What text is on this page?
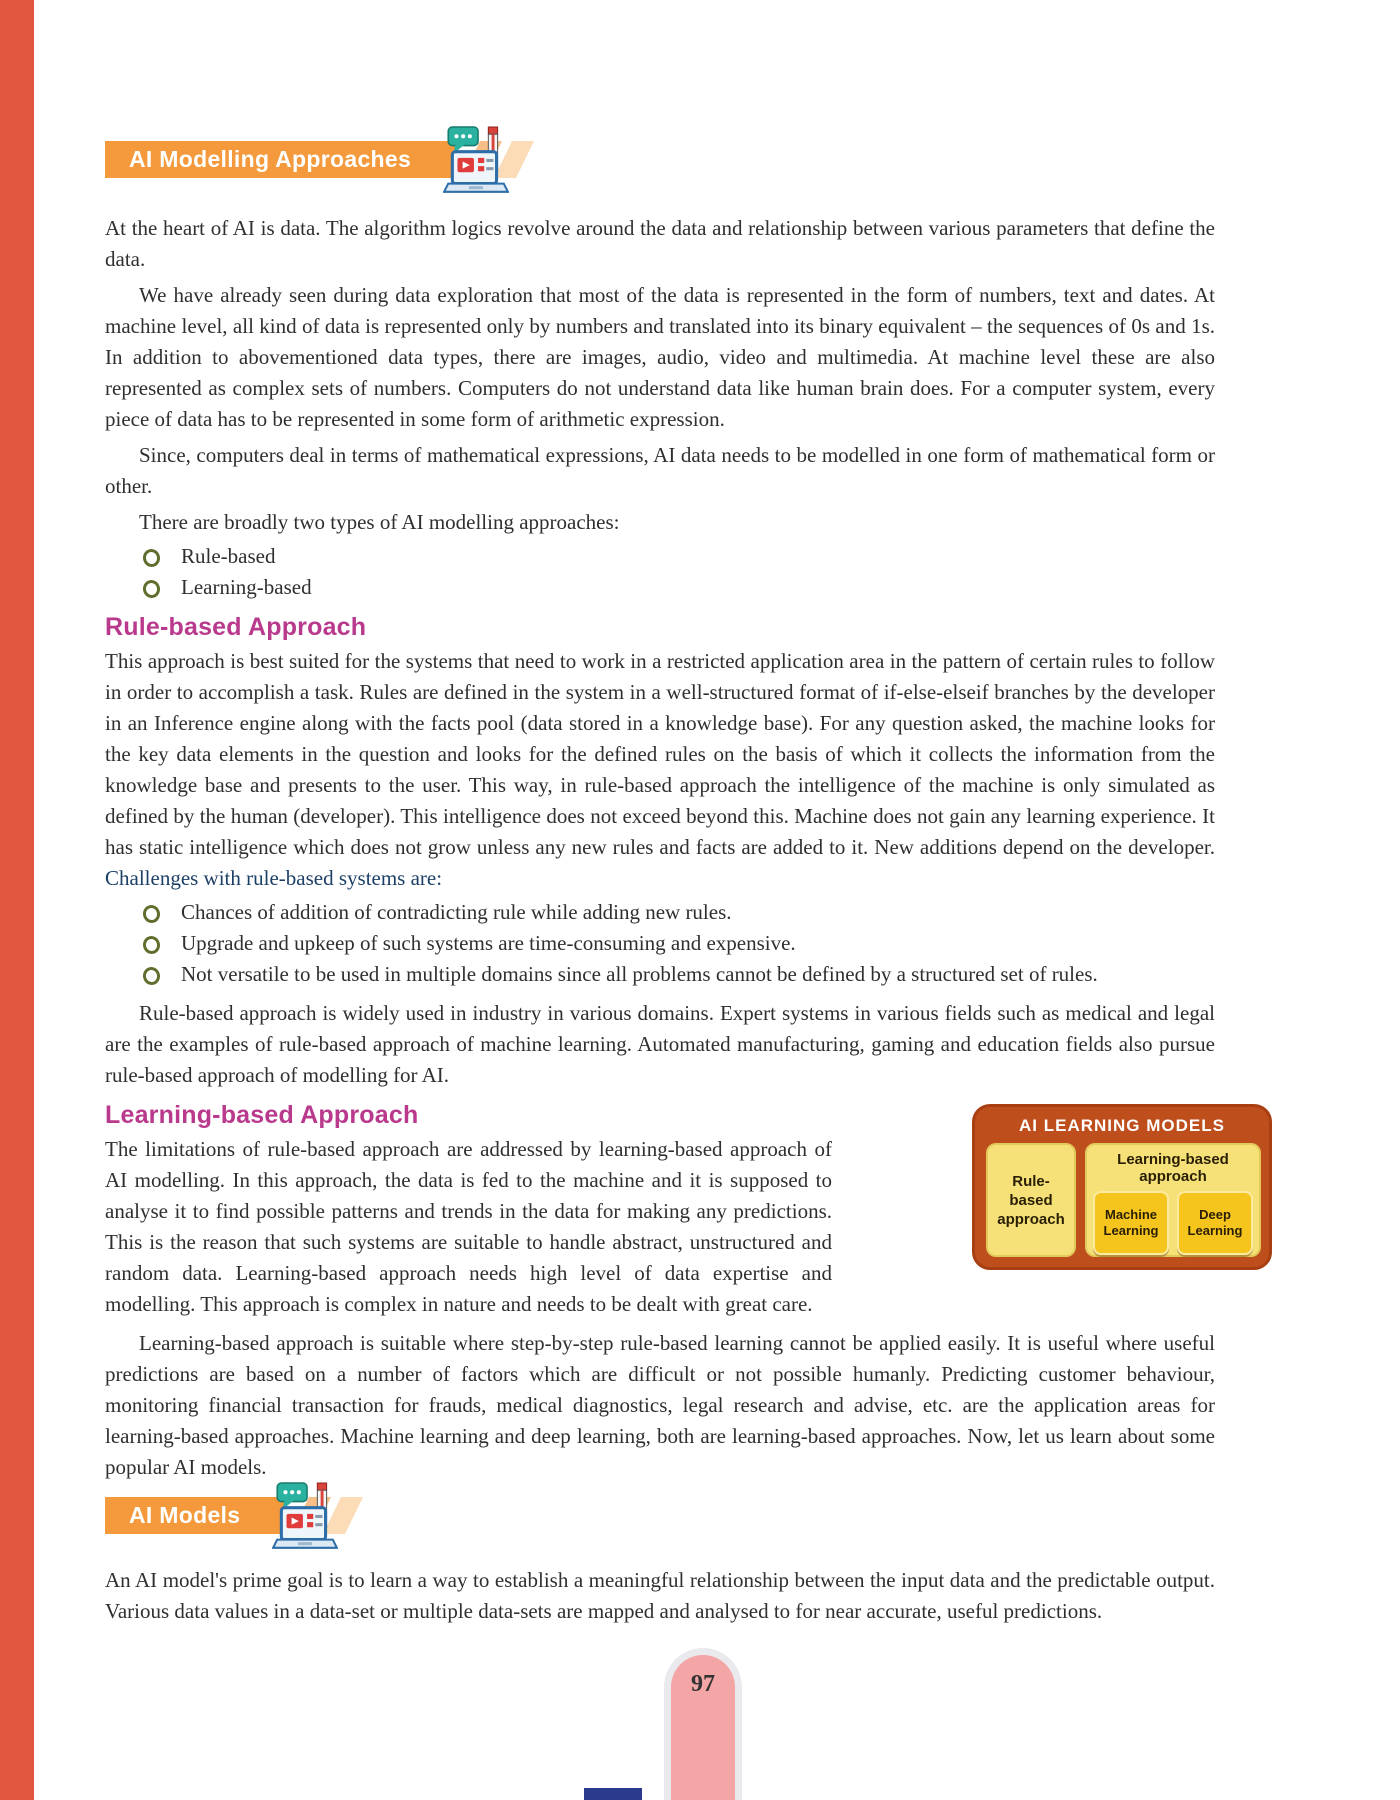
AI Modelling Approaches

At the heart of AI is data. The algorithm logics revolve around the data and relationship between various parameters that define the data.

We have already seen during data exploration that most of the data is represented in the form of numbers, text and dates. At machine level, all kind of data is represented only by numbers and translated into its binary equivalent – the sequences of 0s and 1s. In addition to abovementioned data types, there are images, audio, video and multimedia. At machine level these are also represented as complex sets of numbers. Computers do not understand data like human brain does. For a computer system, every piece of data has to be represented in some form of arithmetic expression.

Since, computers deal in terms of mathematical expressions, AI data needs to be modelled in one form of mathematical form or other.

There are broadly two types of AI modelling approaches:

Rule-based
Learning-based
Rule-based Approach

This approach is best suited for the systems that need to work in a restricted application area in the pattern of certain rules to follow in order to accomplish a task. Rules are defined in the system in a well-structured format of if-else-elseif branches by the developer in an Inference engine along with the facts pool (data stored in a knowledge base). For any question asked, the machine looks for the key data elements in the question and looks for the defined rules on the basis of which it collects the information from the knowledge base and presents to the user. This way, in rule-based approach the intelligence of the machine is only simulated as defined by the human (developer). This intelligence does not exceed beyond this. Machine does not gain any learning experience. It has static intelligence which does not grow unless any new rules and facts are added to it. New additions depend on the developer. Challenges with rule-based systems are:

Chances of addition of contradicting rule while adding new rules.
Upgrade and upkeep of such systems are time-consuming and expensive.
Not versatile to be used in multiple domains since all problems cannot be defined by a structured set of rules.

Rule-based approach is widely used in industry in various domains. Expert systems in various fields such as medical and legal are the examples of rule-based approach of machine learning. Automated manufacturing, gaming and education fields also pursue rule-based approach of modelling for AI.

Learning-based Approach	AI LEARNING MODELS
Rule-based approach
Learning-based approach
Machine Learning
Deep Learning

The limitations of rule-based approach are addressed by learning-based approach of AI modelling. In this approach, the data is fed to the machine and it is supposed to analyse it to find possible patterns and trends in the data for making any predictions. This is the reason that such systems are suitable to handle abstract, unstructured and random data. Learning-based approach needs high level of data expertise and modelling. This approach is complex in nature and needs to be dealt with great care.

Learning-based approach is suitable where step-by-step rule-based learning cannot be applied easily. It is useful where useful predictions are based on a number of factors which are difficult or not possible humanly. Predicting customer behaviour, monitoring financial transaction for frauds, medical diagnostics, legal research and advise, etc. are the application areas for learning-based approaches. Machine learning and deep learning, both are learning-based approaches. Now, let us learn about some popular AI models.

AI Models

An AI model's prime goal is to learn a way to establish a meaningful relationship between the input data and the predictable output. Various data values in a data-set or multiple data-sets are mapped and analysed to for near accurate, useful predictions.

97
